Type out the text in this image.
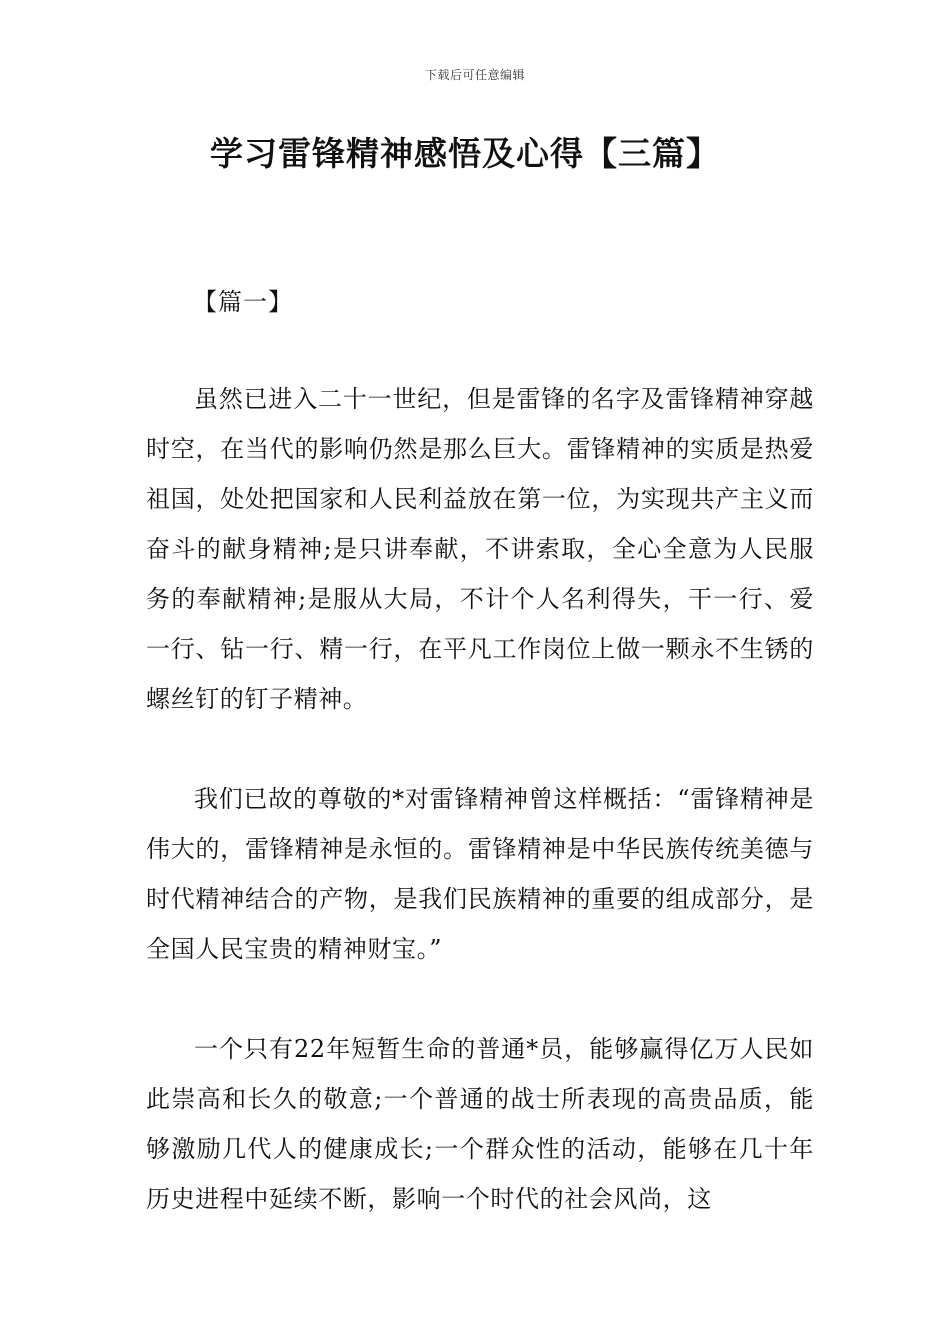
下载后可任意编辑
学习雷锋精神感悟及心得【三篇】
【篇一】

虽然已进入二十一世纪，但是雷锋的名字及雷锋精神穿越时空，在当代的影响仍然是那么巨大。雷锋精神的实质是热爱祖国，处处把国家和人民利益放在第一位，为实现共产主义而奋斗的献身精神;是只讲奉献，不讲索取，全心全意为人民服务的奉献精神;是服从大局，不计个人名利得失，干一行、爱一行、钻一行、精一行，在平凡工作岗位上做一颗永不生锈的螺丝钉的钉子精神。

我们已故的尊敬的*对雷锋精神曾这样概括：“雷锋精神是伟大的，雷锋精神是永恒的。雷锋精神是中华民族传统美德与时代精神结合的产物，是我们民族精神的重要的组成部分，是全国人民宝贵的精神财宝。”

一个只有22年短暂生命的普通*员，能够赢得亿万人民如此崇高和长久的敬意;一个普通的战士所表现的高贵品质，能够激励几代人的健康成长;一个群众性的活动，能够在几十年历史进程中延续不断，影响一个时代的社会风尚，这
